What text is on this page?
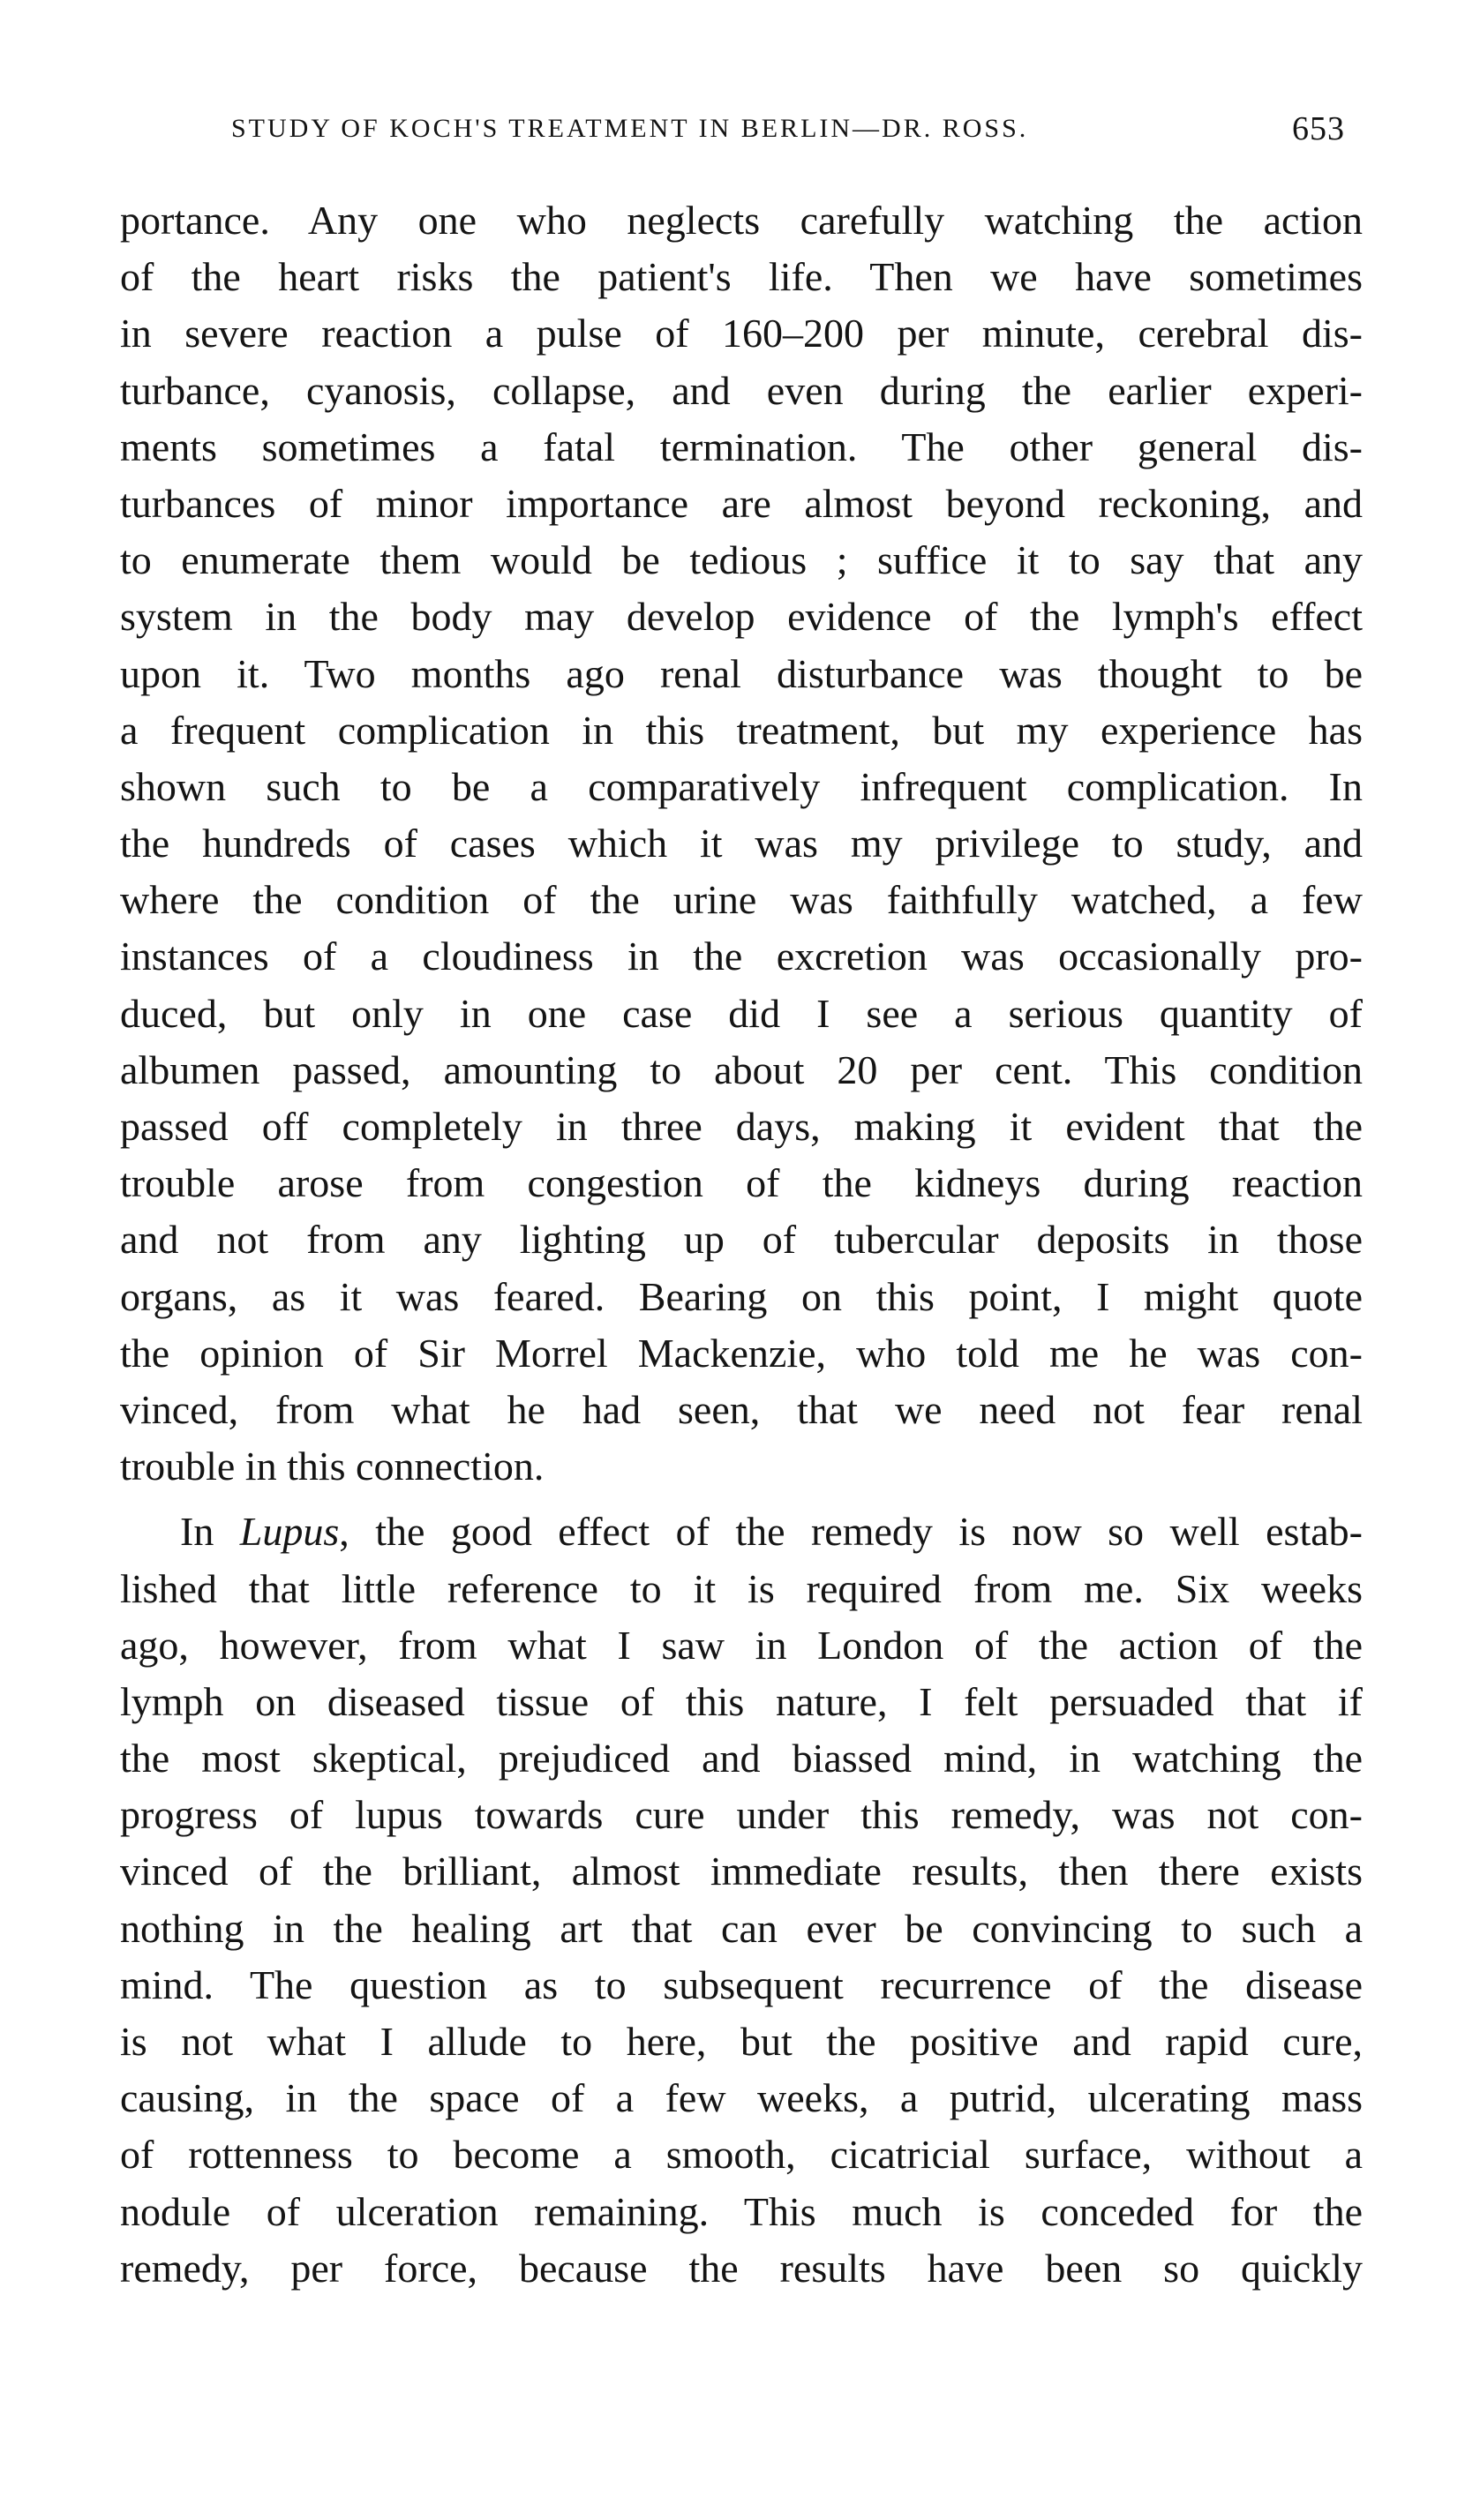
STUDY OF KOCH'S TREATMENT IN BERLIN—DR. ROSS.	653
portance. Any one who neglects carefully watching the action
of the heart risks the patient's life. Then we have sometimes
in severe reaction a pulse of 160–200 per minute, cerebral dis-
turbance, cyanosis, collapse, and even during the earlier experi-
ments sometimes a fatal termination. The other general dis-
turbances of minor importance are almost beyond reckoning, and
to enumerate them would be tedious ; suffice it to say that any
system in the body may develop evidence of the lymph's effect
upon it. Two months ago renal disturbance was thought to be
a frequent complication in this treatment, but my experience has
shown such to be a comparatively infrequent complication. In
the hundreds of cases which it was my privilege to study, and
where the condition of the urine was faithfully watched, a few
instances of a cloudiness in the excretion was occasionally pro-
duced, but only in one case did I see a serious quantity of
albumen passed, amounting to about 20 per cent. This condition
passed off completely in three days, making it evident that the
trouble arose from congestion of the kidneys during reaction
and not from any lighting up of tubercular deposits in those
organs, as it was feared. Bearing on this point, I might quote
the opinion of Sir Morrel Mackenzie, who told me he was con-
vinced, from what he had seen, that we need not fear renal
trouble in this connection.
In Lupus, the good effect of the remedy is now so well estab-
lished that little reference to it is required from me. Six weeks
ago, however, from what I saw in London of the action of the
lymph on diseased tissue of this nature, I felt persuaded that if
the most skeptical, prejudiced and biassed mind, in watching the
progress of lupus towards cure under this remedy, was not con-
vinced of the brilliant, almost immediate results, then there exists
nothing in the healing art that can ever be convincing to such a
mind. The question as to subsequent recurrence of the disease
is not what I allude to here, but the positive and rapid cure,
causing, in the space of a few weeks, a putrid, ulcerating mass
of rottenness to become a smooth, cicatricial surface, without a
nodule of ulceration remaining. This much is conceded for the
remedy, per force, because the results have been so quickly
